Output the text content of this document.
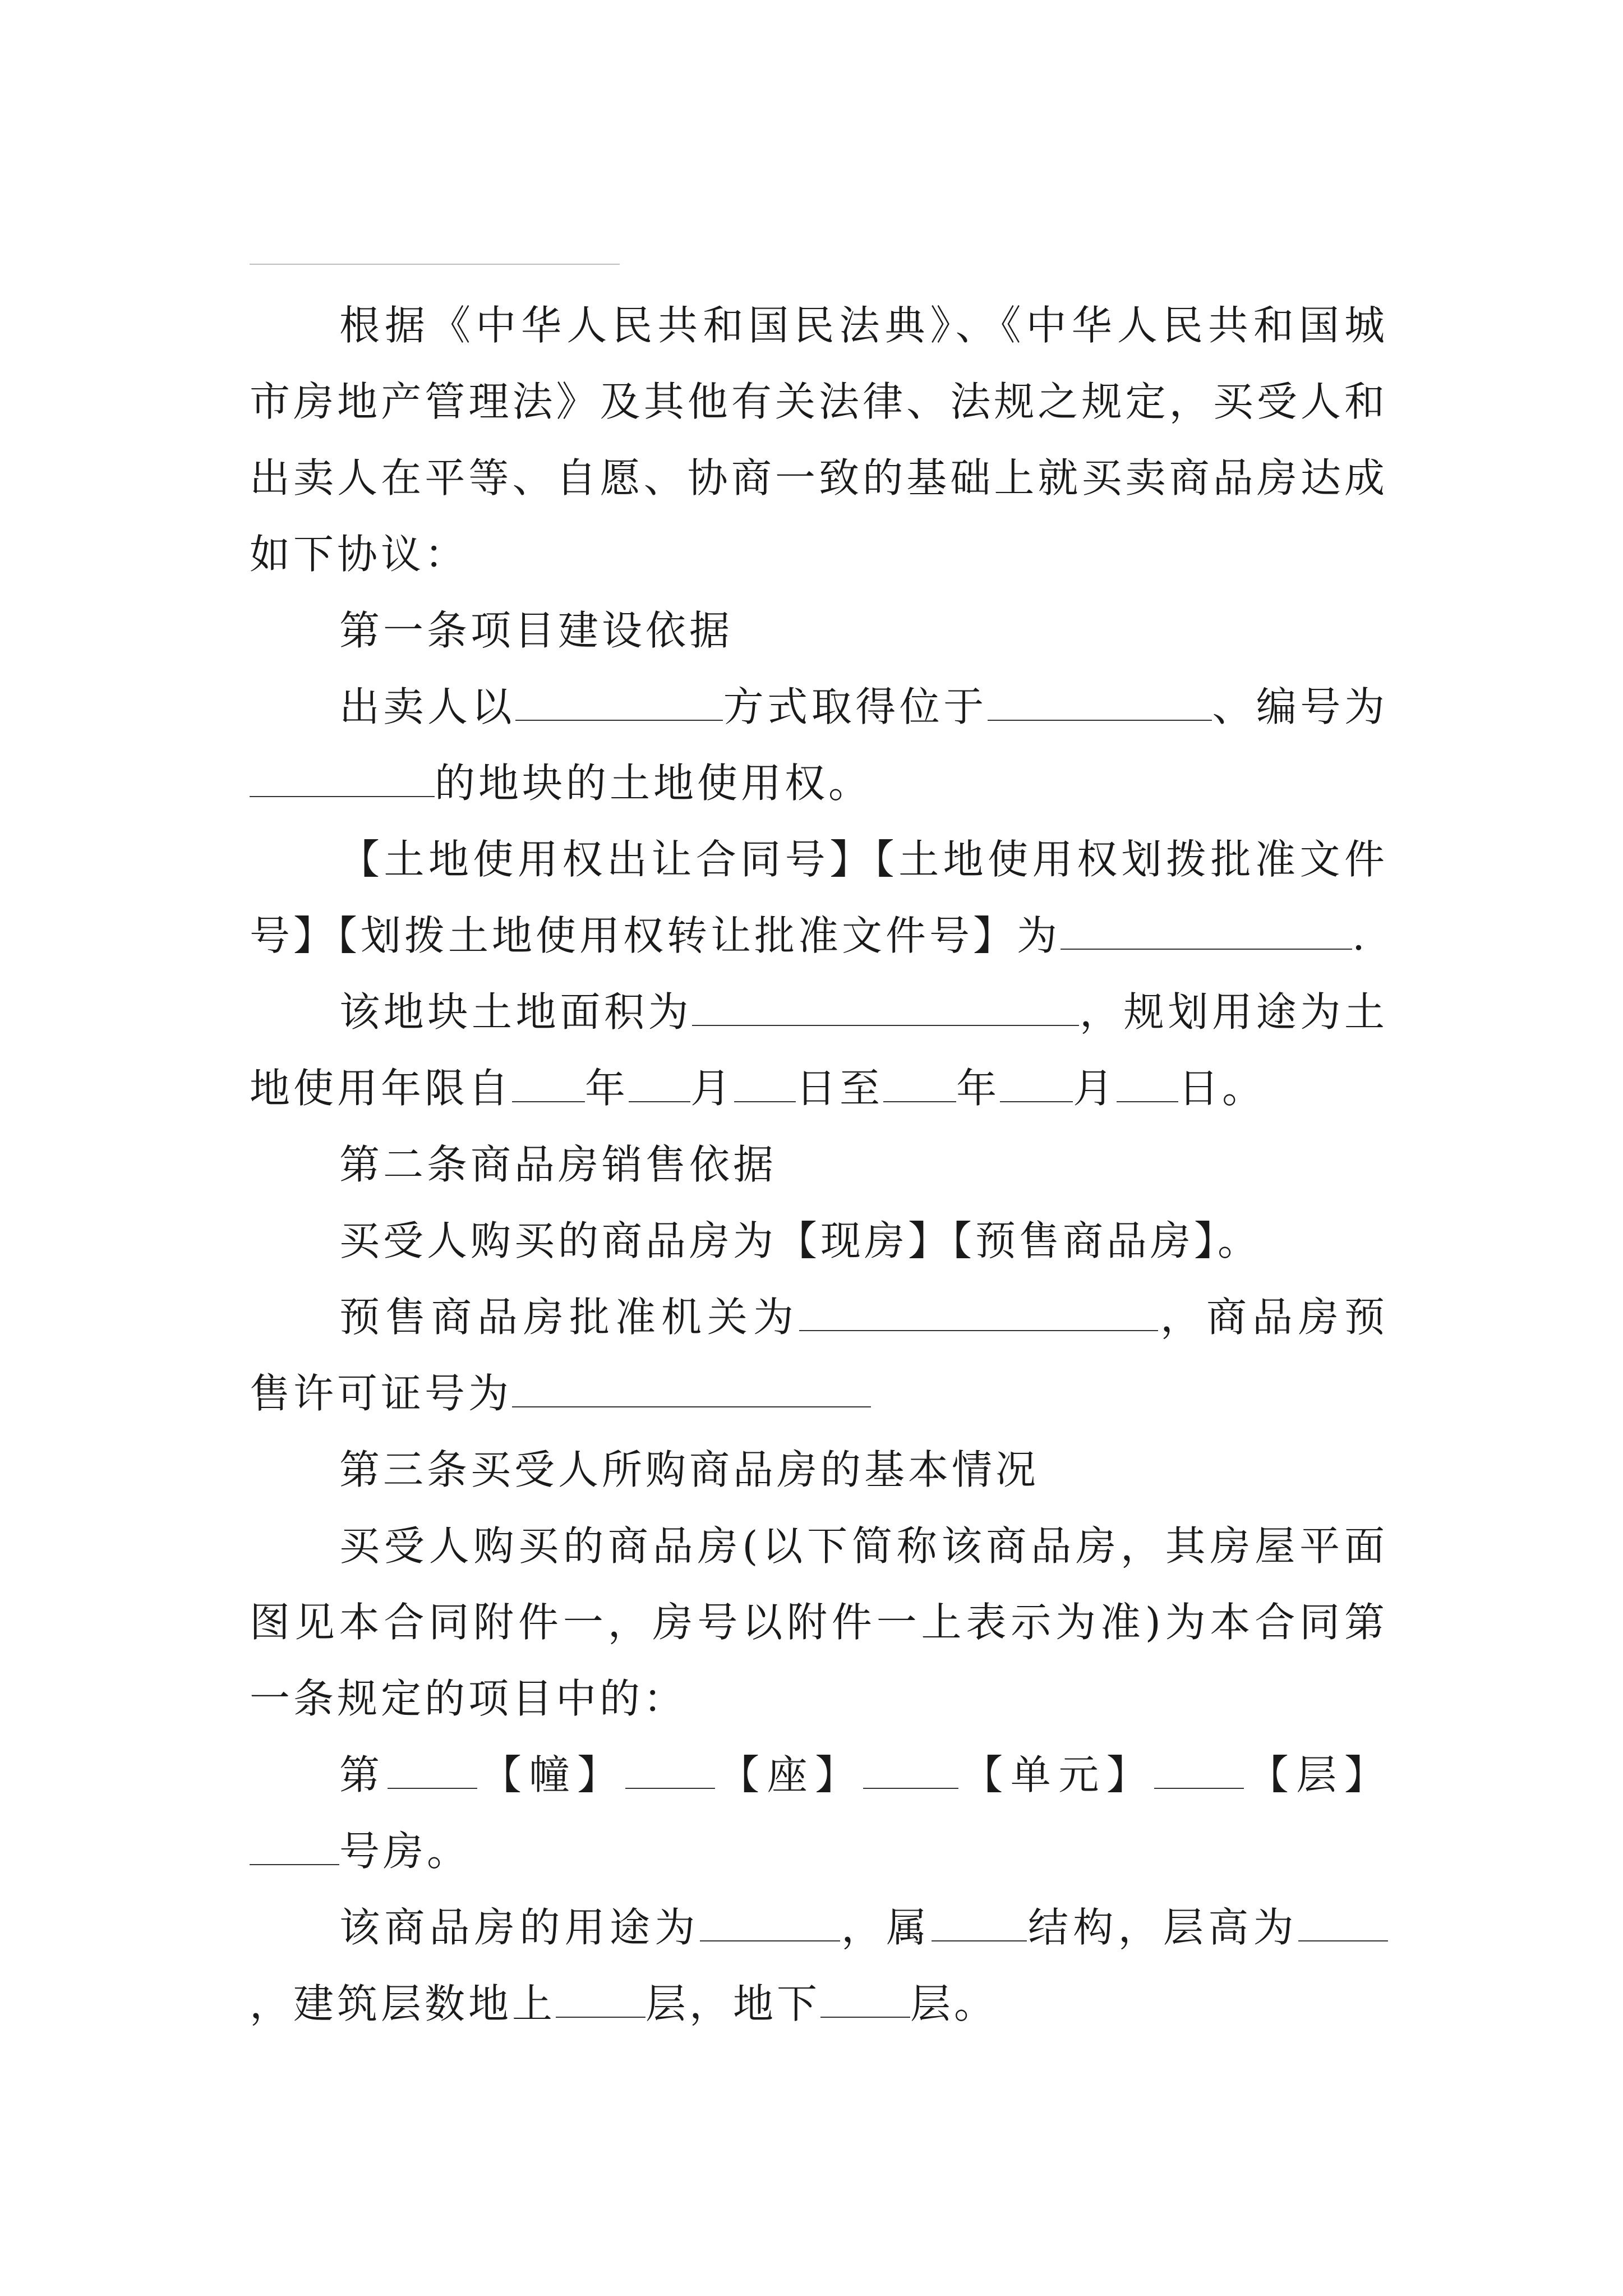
根据《中华人民共和国民法典》、《中华人民共和国城市房地产管理法》及其他有关法律、法规之规定，买受人和出卖人在平等、自愿、协商一致的基础上就买卖商品房达成如下协议：

第一条项目建设依据

出卖人以	方式取得位于	、编号为的地块的土地使用权。

【土地使用权出让合同号】【土地使用权划拨批准文件号】【划拨土地使用权转让批准文件号】为	.

该地块土地面积为	，规划用途为土地使用年限自 年 月 日至 年 月 日。

第二条商品房销售依据

买受人购买的商品房为【现房】【预售商品房】。

预售商品房批准机关为	，商品房预售许可证号为

第三条买受人所购商品房的基本情况

买受人购买的商品房(以下简称该商品房，其房屋平面图见本合同附件一，房号以附件一上表示为准)为本合同第一条规定的项目中的：

第 【幢】 【座】 【单元】 【层】号房。

该商品房的用途为	，属 结构，层高为，建筑层数地上 层，地下 层。
